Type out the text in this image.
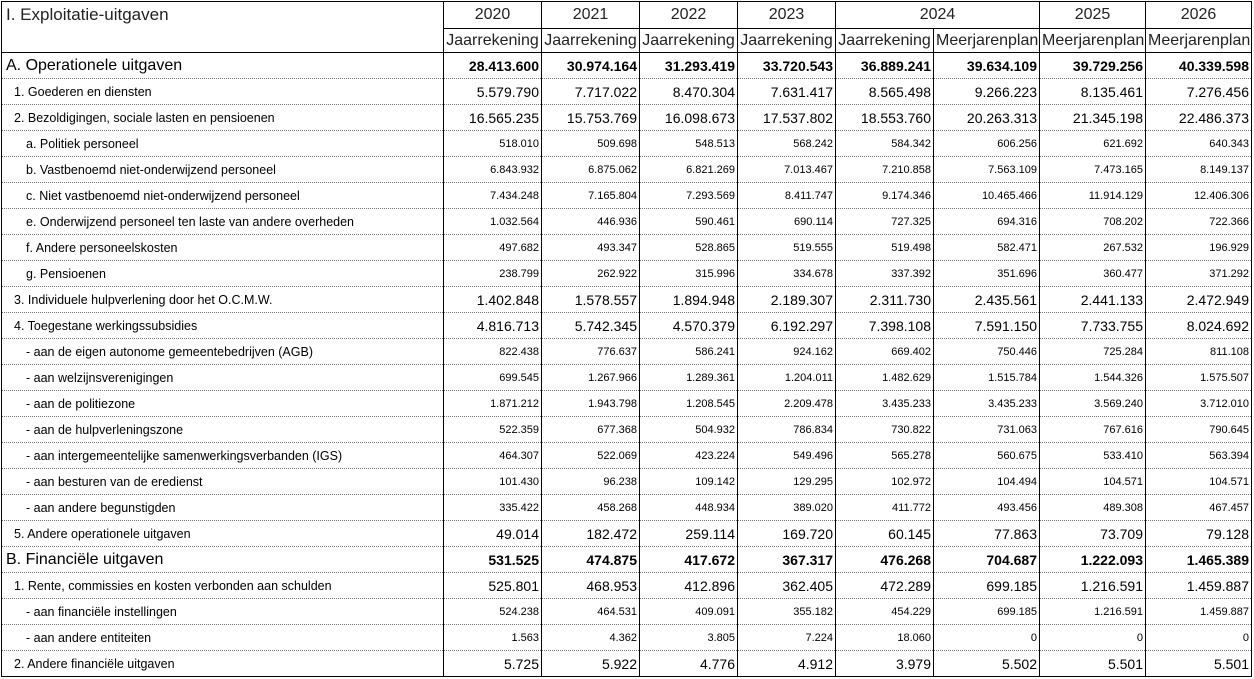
I. Exploitatie-uitgaven	2020	2021	2022	2023	2024		2025	2026
	Jaarrekening	Jaarrekening	Jaarrekening	Jaarrekening	Jaarrekening	Meerjarenplan	Meerjarenplan	Meerjarenplan
A. Operationele uitgaven	28.413.600	30.974.164	31.293.419	33.720.543	36.889.241	39.634.109	39.729.256	40.339.598
1. Goederen en diensten	5.579.790	7.717.022	8.470.304	7.631.417	8.565.498	9.266.223	8.135.461	7.276.456
2. Bezoldigingen, sociale lasten en pensioenen	16.565.235	15.753.769	16.098.673	17.537.802	18.553.760	20.263.313	21.345.198	22.486.373
a. Politiek personeel	518.010	509.698	548.513	568.242	584.342	606.256	621.692	640.343
b. Vastbenoemd niet-onderwijzend personeel	6.843.932	6.875.062	6.821.269	7.013.467	7.210.858	7.563.109	7.473.165	8.149.137
c. Niet vastbenoemd niet-onderwijzend personeel	7.434.248	7.165.804	7.293.569	8.411.747	9.174.346	10.465.466	11.914.129	12.406.306
e. Onderwijzend personeel ten laste van andere overheden	1.032.564	446.936	590.461	690.114	727.325	694.316	708.202	722.366
f. Andere personeelskosten	497.682	493.347	528.865	519.555	519.498	582.471	267.532	196.929
g. Pensioenen	238.799	262.922	315.996	334.678	337.392	351.696	360.477	371.292
3. Individuele hulpverlening door het O.C.M.W.	1.402.848	1.578.557	1.894.948	2.189.307	2.311.730	2.435.561	2.441.133	2.472.949
4. Toegestane werkingssubsidies	4.816.713	5.742.345	4.570.379	6.192.297	7.398.108	7.591.150	7.733.755	8.024.692
- aan de eigen autonome gemeentebedrijven (AGB)	822.438	776.637	586.241	924.162	669.402	750.446	725.284	811.108
- aan welzijnsverenigingen	699.545	1.267.966	1.289.361	1.204.011	1.482.629	1.515.784	1.544.326	1.575.507
- aan de politiezone	1.871.212	1.943.798	1.208.545	2.209.478	3.435.233	3.435.233	3.569.240	3.712.010
- aan de hulpverleningszone	522.359	677.368	504.932	786.834	730.822	731.063	767.616	790.645
- aan intergemeentelijke samenwerkingsverbanden (IGS)	464.307	522.069	423.224	549.496	565.278	560.675	533.410	563.394
- aan besturen van de eredienst	101.430	96.238	109.142	129.295	102.972	104.494	104.571	104.571
- aan andere begunstigden	335.422	458.268	448.934	389.020	411.772	493.456	489.308	467.457
5. Andere operationele uitgaven	49.014	182.472	259.114	169.720	60.145	77.863	73.709	79.128
B. Financiële uitgaven	531.525	474.875	417.672	367.317	476.268	704.687	1.222.093	1.465.389
1. Rente, commissies en kosten verbonden aan schulden	525.801	468.953	412.896	362.405	472.289	699.185	1.216.591	1.459.887
- aan financiële instellingen	524.238	464.531	409.091	355.182	454.229	699.185	1.216.591	1.459.887
- aan andere entiteiten	1.563	4.362	3.805	7.224	18.060	0	0	0
2. Andere financiële uitgaven	5.725	5.922	4.776	4.912	3.979	5.502	5.501	5.501
